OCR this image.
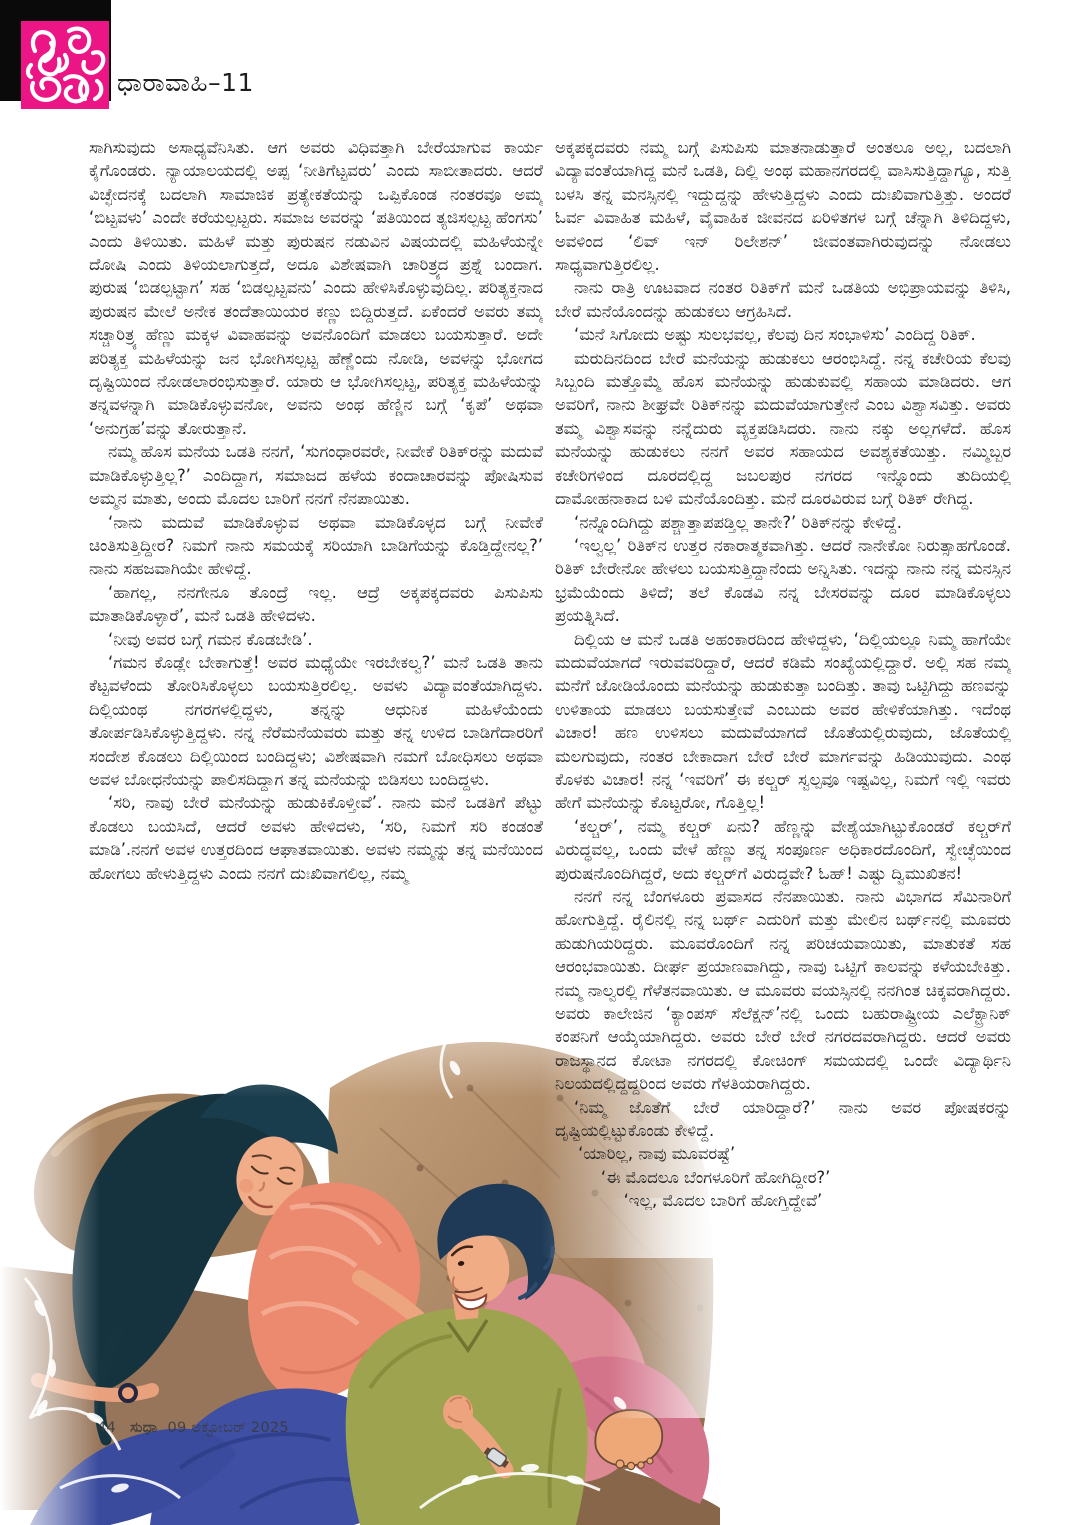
ಧಾರಾವಾಹಿ–11

ಸಾಗಿಸುವುದು ಅಸಾಧ್ಯವೆನಿಸಿತು. ಆಗ ಅವರು ವಿಧಿವತ್ತಾಗಿ ಬೇರೆಯಾಗುವ ಕಾರ್ಯ ಕೈಗೊಂಡರು. ನ್ಯಾಯಾಲಯದಲ್ಲಿ ಅಪ್ಪ ‘ನೀತಿಗೆಟ್ಟವರು’ ಎಂದು ಸಾಬೀತಾದರು. ಆದರೆ ವಿಚ್ಛೇದನಕ್ಕೆ ಬದಲಾಗಿ ಸಾಮಾಜಿಕ ಪ್ರತ್ಯೇಕತೆಯನ್ನು ಒಪ್ಪಿಕೊಂಡ ನಂತರವೂ ಅಮ್ಮ ‘ಬಿಟ್ಟವಳು’ ಎಂದೇ ಕರೆಯಲ್ಪಟ್ಟರು. ಸಮಾಜ ಅವರನ್ನು ‘ಪತಿಯಿಂದ ತ್ಯಜಿಸಲ್ಪಟ್ಟ ಹೆಂಗಸು’ ಎಂದು ತಿಳಿಯಿತು. ಮಹಿಳೆ ಮತ್ತು ಪುರುಷನ ನಡುವಿನ ವಿಷಯದಲ್ಲಿ ಮಹಿಳೆಯನ್ನೇ ದೋಷಿ ಎಂದು ತಿಳಿಯಲಾಗುತ್ತದೆ, ಅದೂ ವಿಶೇಷವಾಗಿ ಚಾರಿತ್ರ್ಯದ ಪ್ರಶ್ನೆ ಬಂದಾಗ. ಪುರುಷ ‘ಬಿಡಲ್ಪಟ್ಟಾಗ’ ಸಹ ‘ಬಿಡಲ್ಪಟ್ಟವನು’ ಎಂದು ಹೇಳಿಸಿಕೊಳ್ಳುವುದಿಲ್ಲ. ಪರಿತ್ಯಕ್ತನಾದ ಪುರುಷನ ಮೇಲೆ ಅನೇಕ ತಂದೆತಾಯಿಯರ ಕಣ್ಣು ಬಿದ್ದಿರುತ್ತದೆ. ಏಕೆಂದರೆ ಅವರು ತಮ್ಮ ಸಚ್ಚಾರಿತ್ರ್ಯ ಹೆಣ್ಣು ಮಕ್ಕಳ ವಿವಾಹವನ್ನು ಅವನೊಂದಿಗೆ ಮಾಡಲು ಬಯಸುತ್ತಾರೆ. ಅದೇ ಪರಿತ್ಯಕ್ತ ಮಹಿಳೆಯನ್ನು ಜನ ಭೋಗಿಸಲ್ಪಟ್ಟ ಹೆಣ್ಣೆಂದು ನೋಡಿ, ಅವಳನ್ನು ಭೋಗದ ದೃಷ್ಟಿಯಿಂದ ನೋಡಲಾರಂಭಿಸುತ್ತಾರೆ. ಯಾರು ಆ ಭೋಗಿಸಲ್ಪಟ್ಟ, ಪರಿತ್ಯಕ್ತ ಮಹಿಳೆಯನ್ನು ತನ್ನವಳನ್ನಾಗಿ ಮಾಡಿಕೊಳ್ಳುವನೋ, ಅವನು ಅಂಥ ಹೆಣ್ಣಿನ ಬಗ್ಗೆ ‘ಕೃಪೆ’ ಅಥವಾ ‘ಅನುಗ್ರಹ’ವನ್ನು ತೋರುತ್ತಾನೆ.

ನಮ್ಮ ಹೊಸ ಮನೆಯ ಒಡತಿ ನನಗೆ, ‘ಸುಗಂಧಾರವರೇ, ನೀವೇಕೆ ರಿತಿಕ್‌ರನ್ನು ಮದುವೆ ಮಾಡಿಕೊಳ್ಳುತ್ತಿಲ್ಲ?’ ಎಂದಿದ್ದಾಗ, ಸಮಾಜದ ಹಳೆಯ ಕಂದಾಚಾರವನ್ನು ಪೋಷಿಸುವ ಅಮ್ಮನ ಮಾತು, ಅಂದು ಮೊದಲ ಬಾರಿಗೆ ನನಗೆ ನೆನಪಾಯಿತು.

‘ನಾನು ಮದುವೆ ಮಾಡಿಕೊಳ್ಳುವ ಅಥವಾ ಮಾಡಿಕೊಳ್ಳದ ಬಗ್ಗೆ ನೀವೇಕೆ ಚಿಂತಿಸುತ್ತಿದ್ದೀರ? ನಿಮಗೆ ನಾನು ಸಮಯಕ್ಕೆ ಸರಿಯಾಗಿ ಬಾಡಿಗೆಯನ್ನು ಕೊಡ್ತಿದ್ದೇನಲ್ಲ?’ ನಾನು ಸಹಜವಾಗಿಯೇ ಹೇಳಿದ್ದೆ.

‘ಹಾಗಲ್ಲ, ನನಗೇನೂ ತೊಂದ್ರೆ ಇಲ್ಲ. ಆದ್ರೆ ಅಕ್ಕಪಕ್ಕದವರು ಪಿಸುಪಿಸು ಮಾತಾಡಿಕೊಳ್ಳಾರೆ’, ಮನೆ ಒಡತಿ ಹೇಳಿದಳು.

‘ನೀವು ಅವರ ಬಗ್ಗೆ ಗಮನ ಕೊಡಬೇಡಿ’.

‘ಗಮನ ಕೊಡ್ಲೇ ಬೇಕಾಗುತ್ತೆ! ಅವರ ಮಧ್ಯೆಯೇ ಇರಬೇಕಲ್ವ?’ ಮನೆ ಒಡತಿ ತಾನು ಕೆಟ್ಟವಳೆಂದು ತೋರಿಸಿಕೊಳ್ಳಲು ಬಯಸುತ್ತಿರಲಿಲ್ಲ. ಅವಳು ವಿದ್ಯಾವಂತೆಯಾಗಿದ್ದಳು. ದಿಲ್ಲಿಯಂಥ ನಗರಗಳಲ್ಲಿದ್ದಳು, ತನ್ನನ್ನು ಆಧುನಿಕ ಮಹಿಳೆಯೆಂದು ತೋರ್ಪಡಿಸಿಕೊಳ್ಳುತ್ತಿದ್ದಳು. ನನ್ನ ನೆರೆಮನೆಯವರು ಮತ್ತು ತನ್ನ ಉಳಿದ ಬಾಡಿಗೆದಾರರಿಗೆ ಸಂದೇಶ ಕೊಡಲು ದಿಲ್ಲಿಯಿಂದ ಬಂದಿದ್ದಳು; ವಿಶೇಷವಾಗಿ ನಮಗೆ ಬೋಧಿಸಲು ಅಥವಾ ಅವಳ ಬೋಧನೆಯನ್ನು ಪಾಲಿಸದಿದ್ದಾಗ ತನ್ನ ಮನೆಯನ್ನು ಬಿಡಿಸಲು ಬಂದಿದ್ದಳು.

‘ಸರಿ, ನಾವು ಬೇರೆ ಮನೆಯನ್ನು ಹುಡುಕಿಕೊಳ್ತೀವೆ’. ನಾನು ಮನೆ ಒಡತಿಗೆ ಪೆಟ್ಟು ಕೊಡಲು ಬಯಸಿದೆ, ಆದರೆ ಅವಳು ಹೇಳಿದಳು, ‘ಸರಿ, ನಿಮಗೆ ಸರಿ ಕಂಡಂತೆ ಮಾಡಿ’.ನನಗೆ ಅವಳ ಉತ್ತರದಿಂದ ಆಘಾತವಾಯಿತು. ಅವಳು ನಮ್ಮನ್ನು ತನ್ನ ಮನೆಯಿಂದ ಹೋಗಲು ಹೇಳುತ್ತಿದ್ದಳು ಎಂದು ನನಗೆ ದುಃಖಿವಾಗಲಿಲ್ಲ, ನಮ್ಮ

ಅಕ್ಕಪಕ್ಕದವರು ನಮ್ಮ ಬಗ್ಗೆ ಪಿಸುಪಿಸು ಮಾತನಾಡುತ್ತಾರೆ ಅಂತಲೂ ಅಲ್ಲ, ಬದಲಾಗಿ ವಿದ್ಯಾವಂತೆಯಾಗಿದ್ದ ಮನೆ ಒಡತಿ, ದಿಲ್ಲಿ ಅಂಥ ಮಹಾನಗರದಲ್ಲಿ ವಾಸಿಸುತ್ತಿದ್ದಾಗ್ಯೂ, ಸುತ್ತಿ ಬಳಸಿ ತನ್ನ ಮನಸ್ಸಿನಲ್ಲಿ ಇದ್ದುದ್ದನ್ನು ಹೇಳುತ್ತಿದ್ದಳು ಎಂದು ದುಃಖಿವಾಗುತ್ತಿತ್ತು. ಅಂದರೆ ಓರ್ವ ವಿವಾಹಿತ ಮಹಿಳೆ, ವೈವಾಹಿಕ ಜೀವನದ ಏರಿಳಿತಗಳ ಬಗ್ಗೆ ಚೆನ್ನಾಗಿ ತಿಳಿದಿದ್ದಳು, ಅವಳಿಂದ ‘ಲಿವ್ ಇನ್ ರಿಲೇಶನ್’ ಜೀವಂತವಾಗಿರುವುದನ್ನು ನೋಡಲು ಸಾಧ್ಯವಾಗುತ್ತಿರಲಿಲ್ಲ.

ನಾನು ರಾತ್ರಿ ಊಟವಾದ ನಂತರ ರಿತಿಕ್‌ಗೆ ಮನೆ ಒಡತಿಯ ಅಭಿಪ್ರಾಯವನ್ನು ತಿಳಿಸಿ, ಬೇರೆ ಮನೆಯೊಂದನ್ನು ಹುಡುಕಲು ಆಗ್ರಹಿಸಿದೆ.

‘ಮನೆ ಸಿಗೋದು ಅಷ್ಟು ಸುಲಭವಲ್ಲ, ಕೆಲವು ದಿನ ಸಂಭಾಳಿಸು’ ಎಂದಿದ್ದ ರಿತಿಕ್.

ಮರುದಿನದಿಂದ ಬೇರೆ ಮನೆಯನ್ನು ಹುಡುಕಲು ಆರಂಭಿಸಿದ್ದೆ. ನನ್ನ ಕಚೇರಿಯ ಕೆಲವು ಸಿಬ್ಬಂದಿ ಮತ್ತೊಮ್ಮೆ ಹೊಸ ಮನೆಯನ್ನು ಹುಡುಕುವಲ್ಲಿ ಸಹಾಯ ಮಾಡಿದರು. ಆಗ ಅವರಿಗೆ, ನಾನು ಶೀಘ್ರವೇ ರಿತಿಕ್‌ನನ್ನು ಮದುವೆಯಾಗುತ್ತೇನೆ ಎಂಬ ವಿಶ್ವಾಸವಿತ್ತು. ಅವರು ತಮ್ಮ ವಿಶ್ವಾಸವನ್ನು ನನ್ನೆದುರು ವ್ಯಕ್ತಪಡಿಸಿದರು. ನಾನು ನಕ್ಕು ಅಲ್ಲಗಳೆದೆ. ಹೊಸ ಮನೆಯನ್ನು ಹುಡುಕಲು ನನಗೆ ಅವರ ಸಹಾಯದ ಅವಶ್ಯಕತೆಯಿತ್ತು. ನಮ್ಮಿಬ್ಬರ ಕಚೇರಿಗಳಿಂದ ದೂರದಲ್ಲಿದ್ದ ಜಬಲಪುರ ನಗರದ ಇನ್ನೊಂದು ತುದಿಯಲ್ಲಿ ದಾಮೋಹನಾಕಾದ ಬಳಿ ಮನೆಯೊಂದಿತ್ತು. ಮನೆ ದೂರವಿರುವ ಬಗ್ಗೆ ರಿತಿಕ್ ರೇಗಿದ್ದ.

‘ನನ್ನೊಂದಿಗಿದ್ದು ಪಶ್ಚಾತ್ತಾಪಪಡ್ತಿಲ್ಲ ತಾನೇ?’ ರಿತಿಕ್‌ನನ್ನು ಕೇಳಿದ್ದೆ.

‘ಇಲ್ವಲ್ಲ’ ರಿತಿಕ್‌ನ ಉತ್ತರ ನಕಾರಾತ್ಮಕವಾಗಿತ್ತು. ಆದರೆ ನಾನೇಕೋ ನಿರುತ್ಸಾಹಗೊಂಡೆ. ರಿತಿಕ್ ಬೇರೇನೋ ಹೇಳಲು ಬಯಸುತ್ತಿದ್ದಾನೆಂದು ಅನ್ನಿಸಿತು. ಇದನ್ನು ನಾನು ನನ್ನ ಮನಸ್ಸಿನ ಭ್ರಮೆಯೆಂದು ತಿಳಿದೆ; ತಲೆ ಕೊಡವಿ ನನ್ನ ಬೇಸರವನ್ನು ದೂರ ಮಾಡಿಕೊಳ್ಳಲು ಪ್ರಯತ್ನಿಸಿದೆ.

ದಿಲ್ಲಿಯ ಆ ಮನೆ ಒಡತಿ ಅಹಂಕಾರದಿಂದ ಹೇಳಿದ್ದಳು, ‘ದಿಲ್ಲಿಯಲ್ಲೂ ನಿಮ್ಮ ಹಾಗೆಯೇ ಮದುವೆಯಾಗದೆ ಇರುವವರಿದ್ದಾರೆ, ಆದರೆ ಕಡಿಮೆ ಸಂಖ್ಯೆಯಲ್ಲಿದ್ದಾರೆ. ಅಲ್ಲಿ ಸಹ ನಮ್ಮ ಮನೆಗೆ ಜೋಡಿಯೊಂದು ಮನೆಯನ್ನು ಹುಡುಕುತ್ತಾ ಬಂದಿತ್ತು. ತಾವು ಒಟ್ಟಿಗಿದ್ದು ಹಣವನ್ನು ಉಳಿತಾಯ ಮಾಡಲು ಬಯಸುತ್ತೇವೆ ಎಂಬುದು ಅವರ ಹೇಳಿಕೆಯಾಗಿತ್ತು. ಇದೆಂಥ ವಿಚಾರ! ಹಣ ಉಳಿಸಲು ಮದುವೆಯಾಗದೆ ಜೊತೆಯಲ್ಲಿರುವುದು, ಜೊತೆಯಲ್ಲಿ ಮಲಗುವುದು, ನಂತರ ಬೇಕಾದಾಗ ಬೇರೆ ಬೇರೆ ಮಾರ್ಗವನ್ನು ಹಿಡಿಯುವುದು. ಎಂಥ ಕೊಳಕು ವಿಚಾರ! ನನ್ನ ‘ಇವರಿಗೆ’ ಈ ಕಲ್ಚರ್ ಸ್ವಲ್ಪವೂ ಇಷ್ಟವಿಲ್ಲ, ನಿಮಗೆ ಇಲ್ಲಿ ಇವರು ಹೇಗೆ ಮನೆಯನ್ನು ಕೊಟ್ಟರೋ, ಗೊತ್ತಿಲ್ಲ!

‘ಕಲ್ಚರ್’, ನಮ್ಮ ಕಲ್ಚರ್ ಏನು? ಹೆಣ್ಣನ್ನು ವೇಶ್ಯೆಯಾಗಿಟ್ಟುಕೊಂಡರೆ ಕಲ್ಚರ್‌ಗೆ ವಿರುದ್ಧವಲ್ಲ, ಒಂದು ವೇಳೆ ಹೆಣ್ಣು ತನ್ನ ಸಂಪೂರ್ಣ ಅಧಿಕಾರದೊಂದಿಗೆ, ಸ್ವೇಚ್ಛೆಯಿಂದ ಪುರುಷನೊಂದಿಗಿದ್ದರೆ, ಅದು ಕಲ್ಚರ್‌ಗೆ ವಿರುದ್ಧವೇ? ಓಹ್! ಎಷ್ಟು ದ್ವಿಮುಖಿತನ!

ನನಗೆ ನನ್ನ ಬೆಂಗಳೂರು ಪ್ರವಾಸದ ನೆನಪಾಯಿತು. ನಾನು ವಿಭಾಗದ ಸೆಮಿನಾರಿಗೆ ಹೋಗುತ್ತಿದ್ದೆ. ರೈಲಿನಲ್ಲಿ ನನ್ನ ಬರ್ಥ್ ಎದುರಿಗೆ ಮತ್ತು ಮೇಲಿನ ಬರ್ಥ್‌ನಲ್ಲಿ ಮೂವರು ಹುಡುಗಿಯರಿದ್ದರು. ಮೂವರೊಂದಿಗೆ ನನ್ನ ಪರಿಚಯವಾಯಿತು, ಮಾತುಕತೆ ಸಹ ಆರಂಭವಾಯಿತು. ದೀರ್ಘ ಪ್ರಯಾಣವಾಗಿದ್ದು, ನಾವು ಒಟ್ಟಿಗೆ ಕಾಲವನ್ನು ಕಳೆಯಬೇಕಿತ್ತು. ನಮ್ಮ ನಾಲ್ವರಲ್ಲಿ ಗೆಳೆತನವಾಯಿತು. ಆ ಮೂವರು ವಯಸ್ಸಿನಲ್ಲಿ ನನಗಿಂತ ಚಿಕ್ಕವರಾಗಿದ್ದರು. ಅವರು ಕಾಲೇಜಿನ ‘ಕ್ಯಾಂಪಸ್ ಸೆಲೆಕ್ಷನ್’ನಲ್ಲಿ ಒಂದು ಬಹುರಾಷ್ಟ್ರೀಯ ಎಲೆಕ್ಟ್ರಾನಿಕ್ ಕಂಪನಿಗೆ ಆಯ್ಕೆಯಾಗಿದ್ದರು. ಅವರು ಬೇರೆ ಬೇರೆ ನಗರದವರಾಗಿದ್ದರು. ಆದರೆ ಅವರು ರಾಜಸ್ಥಾನದ ಕೋಟಾ ನಗರದಲ್ಲಿ ಕೋಚಿಂಗ್ ಸಮಯದಲ್ಲಿ ಒಂದೇ ವಿದ್ಯಾರ್ಥಿನಿ ನಿಲಯದಲ್ಲಿದ್ದದ್ದರಿಂದ ಅವರು ಗೆಳತಿಯರಾಗಿದ್ದರು.

‘ನಿಮ್ಮ ಜೊತೆಗೆ ಬೇರೆ ಯಾರಿದ್ದಾರೆ?’ ನಾನು ಅವರ ಪೋಷಕರನ್ನು ದೃಷ್ಟಿಯಲ್ಲಿಟ್ಟುಕೊಂಡು ಕೇಳಿದ್ದೆ.

‘ಯಾರಿಲ್ಲ, ನಾವು ಮೂವರಷ್ಟೆ’

‘ಈ ಮೊದಲೂ ಬೆಂಗಳೂರಿಗೆ ಹೋಗಿದ್ದೀರ?’

‘ಇಲ್ಲ, ಮೊದಲ ಬಾರಿಗೆ ಹೋಗ್ತಿದ್ದೇವೆ’

44 ಸುಧಾ 09 ಅಕ್ಟೋಬರ್ 2025
